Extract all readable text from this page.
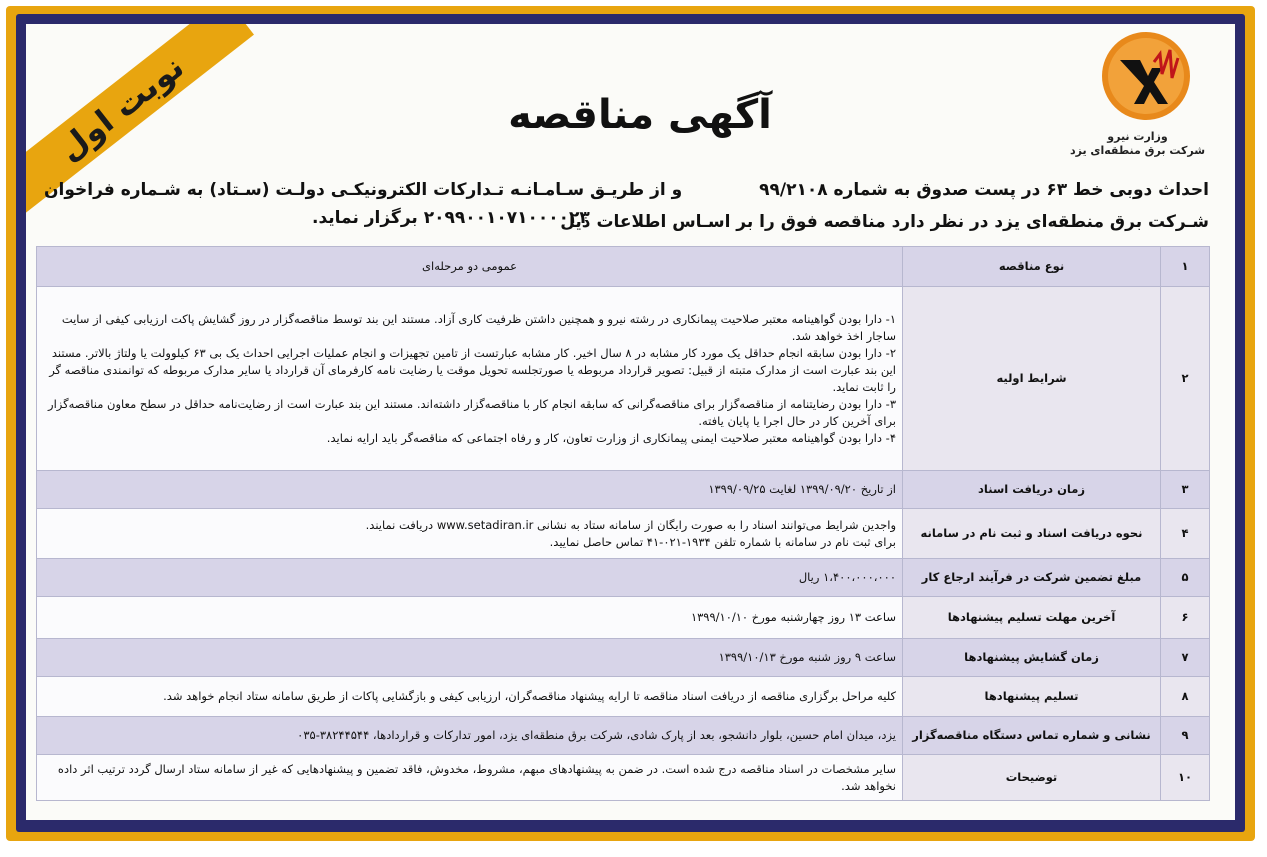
نوبت اول	وزارت نیرو
شرکت برق منطقه‌ای یزد
آگهی مناقصه
احداث دوبی خط ۶۳ در پست صدوق به شماره ۹۹/۲۱۰۸
و از طریـق سـامـانـه تـدارکات الکترونیکـی دولـت (سـتاد) به شـماره فراخوان
۲۰۹۹۰۰۱۰۷۱۰۰۰۰۲۳ برگزار نماید.
شـرکت برق منطقه‌ای یزد در نظر دارد مناقصه فوق را بر اسـاس اطلاعات ذیل
۱	نوع مناقصه	عمومی دو مرحله‌ای
۲	شرایط اولیه	۱- دارا بودن گواهینامه معتبر صلاحیت پیمانکاری در رشته نیرو و همچنین داشتن ظرفیت کاری آزاد. مستند این بند توسط مناقصه‌گزار در روز گشایش پاکت ارزیابی کیفی از سایت ساجار اخذ خواهد شد.
۲- دارا بودن سابقه انجام حداقل یک مورد کار مشابه در ۸ سال اخیر. کار مشابه عبارتست از تامین تجهیزات و انجام عملیات اجرایی احداث یک بی ۶۳ کیلوولت یا ولتاژ بالاتر. مستند این بند عبارت است از مدارک متبته از قبیل: تصویر قرارداد مربوطه یا صورتجلسه تحویل موقت یا رضایت نامه کارفرمای آن قرارداد یا سایر مدارک مربوطه که توانمندی مناقصه گر را ثابت نماید.
۳- دارا بودن رضایتنامه از مناقصه‌گزار برای مناقصه‌گرانی که سابقه انجام کار با مناقصه‌گزار داشته‌اند. مستند این بند عبارت است از رضایت‌نامه حداقل در سطح معاون مناقصه‌گزار برای آخرین کار در حال اجرا یا پایان یافته.
۴- دارا بودن گواهینامه معتبر صلاحیت ایمنی پیمانکاری از وزارت تعاون، کار و رفاه اجتماعی که مناقصه‌گر باید ارایه نماید.

۳	زمان دریافت اسناد	از تاریخ ۱۳۹۹/۰۹/۲۰ لغایت ۱۳۹۹/۰۹/۲۵
۴	نحوه دریافت اسناد و ثبت نام در سامانه	واجدین شرایط می‌توانند اسناد را به صورت رایگان از سامانه ستاد به نشانی www.setadiran.ir دریافت نمایند.
برای ثبت نام در سامانه با شماره تلفن ۱۹۳۴-۰۲۱-۴۱ تماس حاصل نمایید.

۵	مبلغ تضمین شرکت در فرآیند ارجاع کار	۱،۴۰۰،۰۰۰،۰۰۰ ریال
۶	آخرین مهلت تسلیم پیشنهادها	ساعت ۱۳ روز چهارشنبه مورخ ۱۳۹۹/۱۰/۱۰
۷	زمان گشایش پیشنهادها	ساعت ۹ روز شنبه مورخ ۱۳۹۹/۱۰/۱۳
۸	تسلیم پیشنهادها	کلیه مراحل برگزاری مناقصه از دریافت اسناد مناقصه تا ارایه پیشنهاد مناقصه‌گران، ارزیابی کیفی و بازگشایی پاکات از طریق سامانه ستاد انجام خواهد شد.
۹	نشانی و شماره تماس دستگاه مناقصه‌گزار	یزد، میدان امام حسین، بلوار دانشجو، بعد از پارک شادی، شرکت برق منطقه‌ای یزد، امور تدارکات و قراردادها، ۳۸۲۴۴۵۴۴-۰۳۵
۱۰	توضیحات	سایر مشخصات در اسناد مناقصه درج شده است. در ضمن به پیشنهادهای مبهم، مشروط، مخدوش، فاقد تضمین و پیشنهادهایی که غیر از سامانه ستاد ارسال گردد ترتیب اثر داده نخواهد شد.
